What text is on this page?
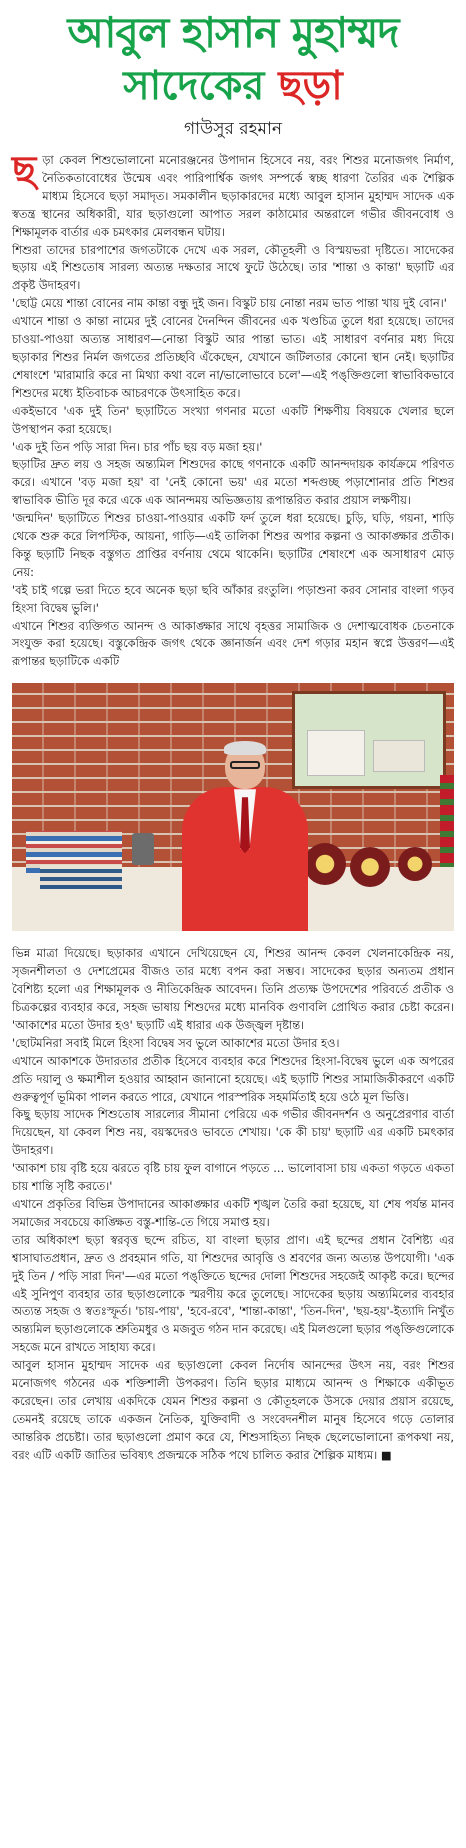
আবুল হাসান মুহাম্মদ
সাদেকের ছড়া
গাউসুর রহমান

ছড়া কেবল শিশুভোলানো মনোরঞ্জনের উপাদান হিসেবে নয়, বরং শিশুর মনোজগৎ নির্মাণ, নৈতিকতাবোধের উন্মেষ এবং পারিপার্শ্বিক জগৎ সম্পর্কে স্বচ্ছ ধারণা তৈরির এক শৈল্পিক মাধ্যম হিসেবে ছড়া সমাদৃত। সমকালীন ছড়াকারদের মধ্যে আবুল হাসান মুহাম্মদ সাদেক এক স্বতন্ত্র স্থানের অধিকারী, যার ছড়াগুলো আপাত সরল কাঠামোর অন্তরালে গভীর জীবনবোধ ও শিক্ষামূলক বার্তার এক চমৎকার মেলবন্ধন ঘটায়।

শিশুরা তাদের চারপাশের জগতটাকে দেখে এক সরল, কৌতূহলী ও বিস্ময়ভরা দৃষ্টিতে। সাদেকের ছড়ায় এই শিশুতোষ সারল্য অত্যন্ত দক্ষতার সাথে ফুটে উঠেছে। তার 'শান্তা ও কান্তা' ছড়াটি এর প্রকৃষ্ট উদাহরণ।

'ছোট্ট মেয়ে শান্তা বোনের নাম কান্তা বন্ধু দুই জন। বিস্কুট চায় নোন্তা নরম ভাত পান্তা খায় দুই বোন।'

এখানে শান্তা ও কান্তা নামের দুই বোনের দৈনন্দিন জীবনের এক খণ্ডচিত্র তুলে ধরা হয়েছে। তাদের চাওয়া-পাওয়া অত্যন্ত সাধারণ—নোন্তা বিস্কুট আর পান্তা ভাত। এই সাধারণ বর্ণনার মধ্য দিয়ে ছড়াকার শিশুর নির্মল জগতের প্রতিচ্ছবি এঁকেছেন, যেখানে জটিলতার কোনো স্থান নেই। ছড়াটির শেষাংশে 'মারামারি করে না মিথ্যা কথা বলে না/ভালোভাবে চলে'—এই পঙ্‌ক্তিগুলো স্বাভাবিকভাবে শিশুদের মধ্যে ইতিবাচক আচরণকে উৎসাহিত করে।

একইভাবে 'এক দুই তিন' ছড়াটিতে সংখ্যা গণনার মতো একটি শিক্ষণীয় বিষয়কে খেলার ছলে উপস্থাপন করা হয়েছে।

'এক দুই তিন পড়ি সারা দিন। চার পাঁচ ছয় বড় মজা হয়।'

ছড়াটির দ্রুত লয় ও সহজ অন্ত্যমিল শিশুদের কাছে গণনাকে একটি আনন্দদায়ক কার্যক্রমে পরিণত করে। এখানে 'বড় মজা হয়' বা 'নেই কোনো ভয়' এর মতো শব্দগুচ্ছ পড়াশোনার প্রতি শিশুর স্বাভাবিক ভীতি দূর করে একে এক আনন্দময় অভিজ্ঞতায় রূপান্তরিত করার প্রয়াস লক্ষণীয়।

'জন্মদিন' ছড়াটিতে শিশুর চাওয়া-পাওয়ার একটি ফর্দ তুলে ধরা হয়েছে। চুড়ি, ঘড়ি, গয়না, শাড়ি থেকে শুরু করে লিপস্টিক, আয়না, গাড়ি—এই তালিকা শিশুর অপার কল্পনা ও আকাঙ্ক্ষার প্রতীক। কিন্তু ছড়াটি নিছক বস্তুগত প্রাপ্তির বর্ণনায় থেমে থাকেনি। ছড়াটির শেষাংশে এক অসাধারণ মোড় নেয়:

'বই চাই গল্পে ভরা দিতে হবে অনেক ছড়া ছবি আঁকার রংতুলি। পড়াশুনা করব সোনার বাংলা গড়ব হিংসা বিদ্বেষ ভুলি।'

এখানে শিশুর ব্যক্তিগত আনন্দ ও আকাঙ্ক্ষার সাথে বৃহত্তর সামাজিক ও দেশাত্মবোধক চেতনাকে সংযুক্ত করা হয়েছে। বস্তুকেন্দ্রিক জগৎ থেকে জ্ঞানার্জন এবং দেশ গড়ার মহান স্বপ্নে উত্তরণ—এই রূপান্তর ছড়াটিকে একটি

ভিন্ন মাত্রা দিয়েছে। ছড়াকার এখানে দেখিয়েছেন যে, শিশুর আনন্দ কেবল খেলনাকেন্দ্রিক নয়, সৃজনশীলতা ও দেশপ্রেমের বীজও তার মধ্যে বপন করা সম্ভব। সাদেকের ছড়ার অন্যতম প্রধান বৈশিষ্ট্য হলো এর শিক্ষামূলক ও নীতিকেন্দ্রিক আবেদন। তিনি প্রত্যক্ষ উপদেশের পরিবর্তে প্রতীক ও চিত্রকল্পের ব্যবহার করে, সহজ ভাষায় শিশুদের মধ্যে মানবিক গুণাবলি প্রোথিত করার চেষ্টা করেন। 'আকাশের মতো উদার হও' ছড়াটি এই ধারার এক উজ্জ্বল দৃষ্টান্ত।

'ছোটমনিরা সবাই মিলে হিংসা বিদ্বেষ সব ভুলে আকাশের মতো উদার হও।

এখানে আকাশকে উদারতার প্রতীক হিসেবে ব্যবহার করে শিশুদের হিংসা-বিদ্বেষ ভুলে এক অপরের প্রতি দয়ালু ও ক্ষমাশীল হওয়ার আহ্বান জানানো হয়েছে। এই ছড়াটি শিশুর সামাজিকীকরণে একটি গুরুত্বপূর্ণ ভূমিকা পালন করতে পারে, যেখানে পারস্পরিক সহমর্মিতাই হয়ে ওঠে মূল ভিত্তি।

কিছু ছড়ায় সাদেক শিশুতোষ সারল্যের সীমানা পেরিয়ে এক গভীর জীবনদর্শন ও অনুপ্রেরণার বার্তা দিয়েছেন, যা কেবল শিশু নয়, বয়স্কদেরও ভাবতে শেখায়। 'কে কী চায়' ছড়াটি এর একটি চমৎকার উদাহরণ।

'আকাশ চায় বৃষ্টি হয়ে ঝরতে বৃষ্টি চায় ফুল বাগানে পড়তে ... ভালোবাসা চায় একতা গড়তে একতা চায় শান্তি সৃষ্টি করতে।'

এখানে প্রকৃতির বিভিন্ন উপাদানের আকাঙ্ক্ষার একটি শৃঙ্খল তৈরি করা হয়েছে, যা শেষ পর্যন্ত মানব সমাজের সবচেয়ে কাঙ্ক্ষিত বস্তু-শান্তি-তে গিয়ে সমাপ্ত হয়।

তার অধিকাংশ ছড়া স্বরবৃত্ত ছন্দে রচিত, যা বাংলা ছড়ার প্রাণ। এই ছন্দের প্রধান বৈশিষ্ট্য এর শ্বাসাঘাতপ্রধান, দ্রুত ও প্রবহমান গতি, যা শিশুদের আবৃত্তি ও শ্রবণের জন্য অত্যন্ত উপযোগী। 'এক দুই তিন / পড়ি সারা দিন'—এর মতো পঙ্‌ক্তিতে ছন্দের দোলা শিশুদের সহজেই আকৃষ্ট করে। ছন্দের এই সুনিপুণ ব্যবহার তার ছড়াগুলোকে স্মরণীয় করে তুলেছে। সাদেকের ছড়ায় অন্ত্যমিলের ব্যবহার অত্যন্ত সহজ ও স্বতঃস্ফূর্ত। 'চায়-পায়', 'হবে-রবে', 'শান্তা-কান্তা', 'তিন-দিন', 'ছয়-হয়'-ইত্যাদি নিখুঁত অন্ত্যমিল ছড়াগুলোকে শ্রুতিমধুর ও মজবুত গঠন দান করেছে। এই মিলগুলো ছড়ার পঙ্‌ক্তিগুলোকে সহজে মনে রাখতে সাহায্য করে।

আবুল হাসান মুহাম্মদ সাদেক এর ছড়াগুলো কেবল নির্দোষ আনন্দের উৎস নয়, বরং শিশুর মনোজগৎ গঠনের এক শক্তিশালী উপকরণ। তিনি ছড়ার মাধ্যমে আনন্দ ও শিক্ষাকে একীভূত করেছেন। তার লেখায় একদিকে যেমন শিশুর কল্পনা ও কৌতূহলকে উসকে দেয়ার প্রয়াস রয়েছে, তেমনই রয়েছে তাকে একজন নৈতিক, যুক্তিবাদী ও সংবেদনশীল মানুষ হিসেবে গড়ে তোলার আন্তরিক প্রচেষ্টা। তার ছড়াগুলো প্রমাণ করে যে, শিশুসাহিত্য নিছক ছেলেভোলানো রূপকথা নয়, বরং এটি একটি জাতির ভবিষ্যৎ প্রজন্মকে সঠিক পথে চালিত করার শৈল্পিক মাধ্যম। ■
